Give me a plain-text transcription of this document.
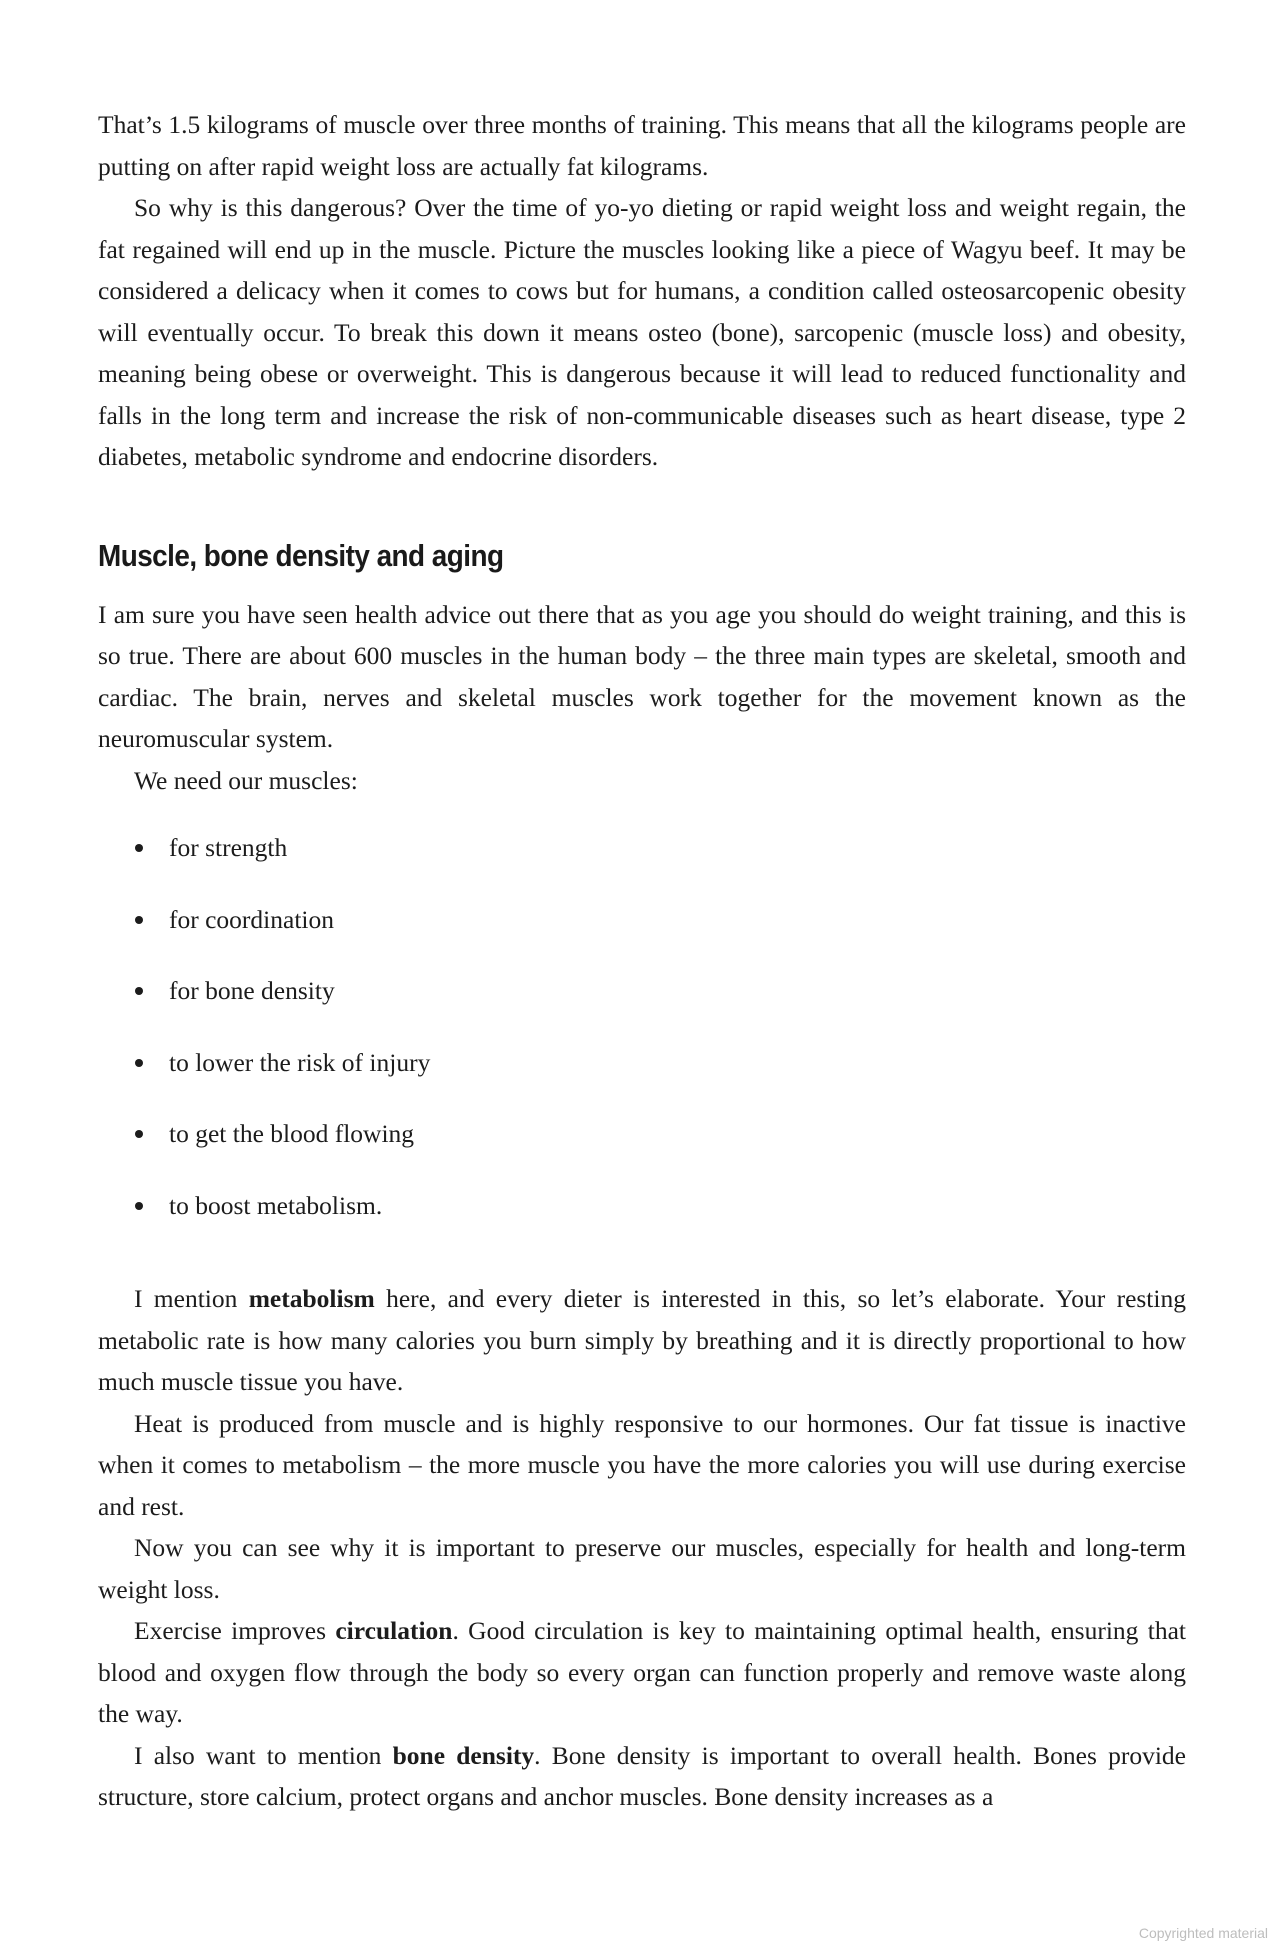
That’s 1.5 kilograms of muscle over three months of training. This means that all the kilograms people are putting on after rapid weight loss are actually fat kilograms.

So why is this dangerous? Over the time of yo-yo dieting or rapid weight loss and weight regain, the fat regained will end up in the muscle. Picture the muscles looking like a piece of Wagyu beef. It may be considered a delicacy when it comes to cows but for humans, a condition called osteosarcopenic obesity will eventually occur. To break this down it means osteo (bone), sarcopenic (muscle loss) and obesity, meaning being obese or overweight. This is dangerous because it will lead to reduced functionality and falls in the long term and increase the risk of non-communicable diseases such as heart disease, type 2 diabetes, metabolic syndrome and endocrine disorders.

Muscle, bone density and aging

I am sure you have seen health advice out there that as you age you should do weight training, and this is so true. There are about 600 muscles in the human body – the three main types are skeletal, smooth and cardiac. The brain, nerves and skeletal muscles work together for the movement known as the neuromuscular system.

We need our muscles:

for strength
for coordination
for bone density
to lower the risk of injury
to get the blood flowing
to boost metabolism.

I mention metabolism here, and every dieter is interested in this, so let’s elaborate. Your resting metabolic rate is how many calories you burn simply by breathing and it is directly proportional to how much muscle tissue you have.

Heat is produced from muscle and is highly responsive to our hormones. Our fat tissue is inactive when it comes to metabolism – the more muscle you have the more calories you will use during exercise and rest.

Now you can see why it is important to preserve our muscles, especially for health and long-term weight loss.

Exercise improves circulation. Good circulation is key to maintaining optimal health, ensuring that blood and oxygen flow through the body so every organ can function properly and remove waste along the way.

I also want to mention bone density. Bone density is important to overall health. Bones provide structure, store calcium, protect organs and anchor muscles. Bone density increases as a

Copyrighted material
